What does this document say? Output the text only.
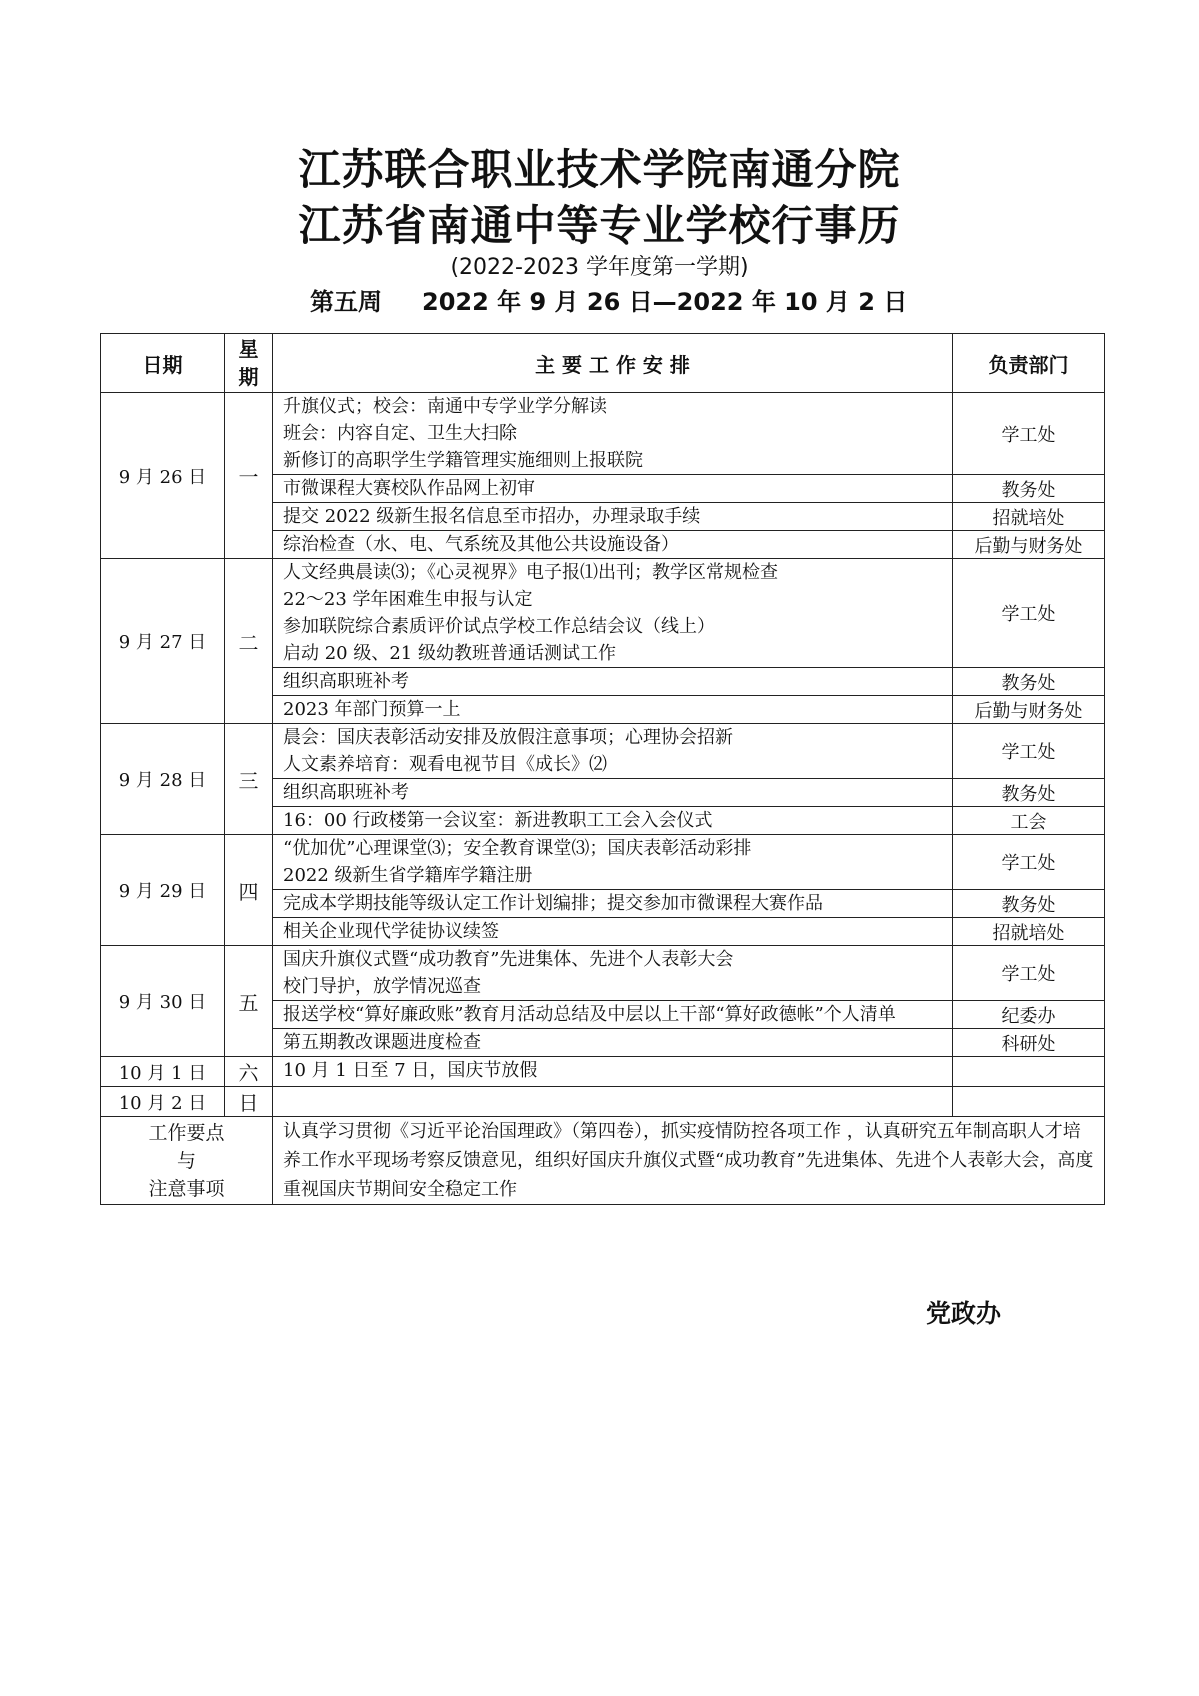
江苏联合职业技术学院南通分院
江苏省南通中等专业学校行事历
(2022-2023 学年度第一学期)
第五周 2022 年 9 月 26 日—2022 年 10 月 2 日
日期	星期	主 要 工 作 安 排	负责部门
9 月 26 日	一	升旗仪式；校会：南通中专学业学分解读
班会：内容自定、卫生大扫除
新修订的高职学生学籍管理实施细则上报联院	学工处

		市微课程大赛校队作品网上初审	教务处

		提交 2022 级新生报名信息至市招办，办理录取手续	招就培处

		综治检查（水、电、气系统及其他公共设施设备）	后勤与财务处
9 月 27 日	二	人文经典晨读⑶；《心灵视界》电子报⑴出刊；教学区常规检查
22～23 学年困难生申报与认定
参加联院综合素质评价试点学校工作总结会议（线上）
启动 20 级、21 级幼教班普通话测试工作	学工处

		组织高职班补考	教务处

		2023 年部门预算一上	后勤与财务处
9 月 28 日	三	晨会：国庆表彰活动安排及放假注意事项；心理协会招新
人文素养培育：观看电视节目《成长》⑵	学工处

		组织高职班补考	教务处

		16：00 行政楼第一会议室：新进教职工工会入会仪式	工会
9 月 29 日	四	“优加优”心理课堂⑶；安全教育课堂⑶；国庆表彰活动彩排
2022 级新生省学籍库学籍注册	学工处

		完成本学期技能等级认定工作计划编排；提交参加市微课程大赛作品	教务处

		相关企业现代学徒协议续签	招就培处
9 月 30 日	五	国庆升旗仪式暨“成功教育”先进集体、先进个人表彰大会
校门导护，放学情况巡查	学工处

		报送学校“算好廉政账”教育月活动总结及中层以上干部“算好政德帐”个人清单	纪委办

		第五期教改课题进度检查	科研处
10 月 1 日	六	10 月 1 日至 7 日，国庆节放假	

10 月 2 日	日	

工作要点
与
注意事项		认真学习贯彻《习近平论治国理政》（第四卷），抓实疫情防控各项工作 ，认真研究五年制高职人才培养工作水平现场考察反馈意见，组织好国庆升旗仪式暨“成功教育”先进集体、先进个人表彰大会，高度重视国庆节期间安全稳定工作	
党政办
